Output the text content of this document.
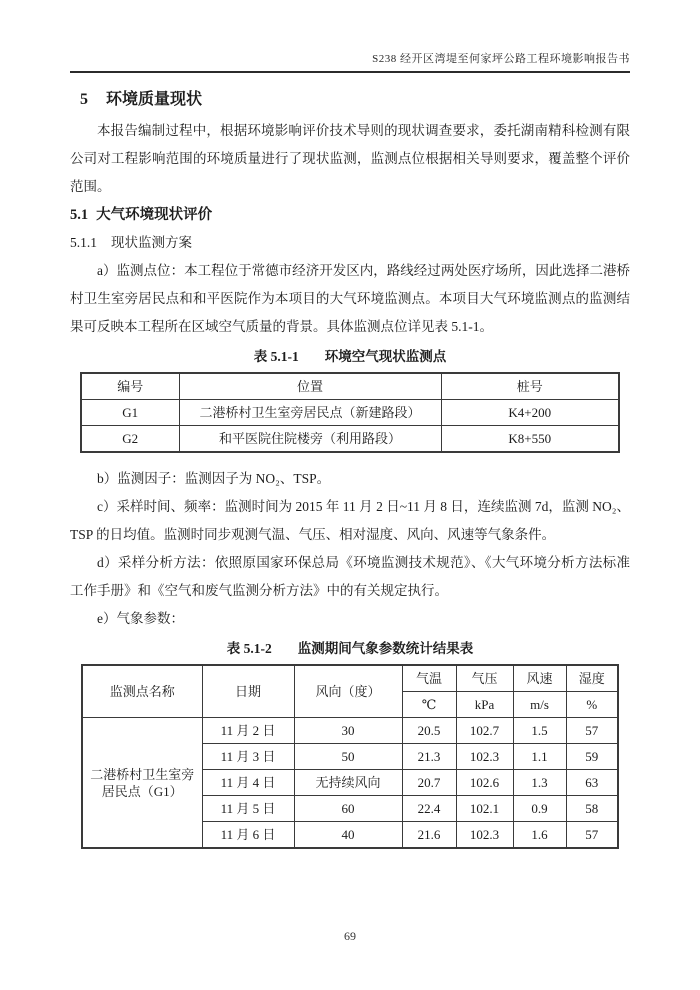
S238 经开区湾堤至何家坪公路工程环境影响报告书
5 环境质量现状

本报告编制过程中，根据环境影响评价技术导则的现状调查要求，委托湖南精科检测有限公司对工程影响范围的环境质量进行了现状监测，监测点位根据相关导则要求，覆盖整个评价范围。

5.1 大气环境现状评价
5.1.1 现状监测方案

a）监测点位：本工程位于常德市经济开发区内，路线经过两处医疗场所，因此选择二港桥村卫生室旁居民点和和平医院作为本项目的大气环境监测点。本项目大气环境监测点的监测结果可反映本工程所在区域空气质量的背景。具体监测点位详见表 5.1-1。

表 5.1-1 环境空气现状监测点
编号	位置	桩号
G1	二港桥村卫生室旁居民点（新建路段）	K4+200
G2	和平医院住院楼旁（利用路段）	K8+550

b）监测因子：监测因子为 NO₂、TSP。

c）采样时间、频率：监测时间为 2015 年 11 月 2 日~11 月 8 日，连续监测 7d，监测 NO₂、TSP 的日均值。监测时同步观测气温、气压、相对湿度、风向、风速等气象条件。

d）采样分析方法：依照原国家环保总局《环境监测技术规范》、《大气环境分析方法标准工作手册》和《空气和废气监测分析方法》中的有关规定执行。

e）气象参数：

表 5.1-2 监测期间气象参数统计结果表
监测点名称	日期	风向（度）	气温	气压	风速	湿度
			℃	kPa	m/s	%
二港桥村卫生室旁居民点（G1）	11 月 2 日	30	20.5	102.7	1.5	57
	11 月 3 日	50	21.3	102.3	1.1	59
	11 月 4 日	无持续风向	20.7	102.6	1.3	63
	11 月 5 日	60	22.4	102.1	0.9	58
	11 月 6 日	40	21.6	102.3	1.6	57
69
